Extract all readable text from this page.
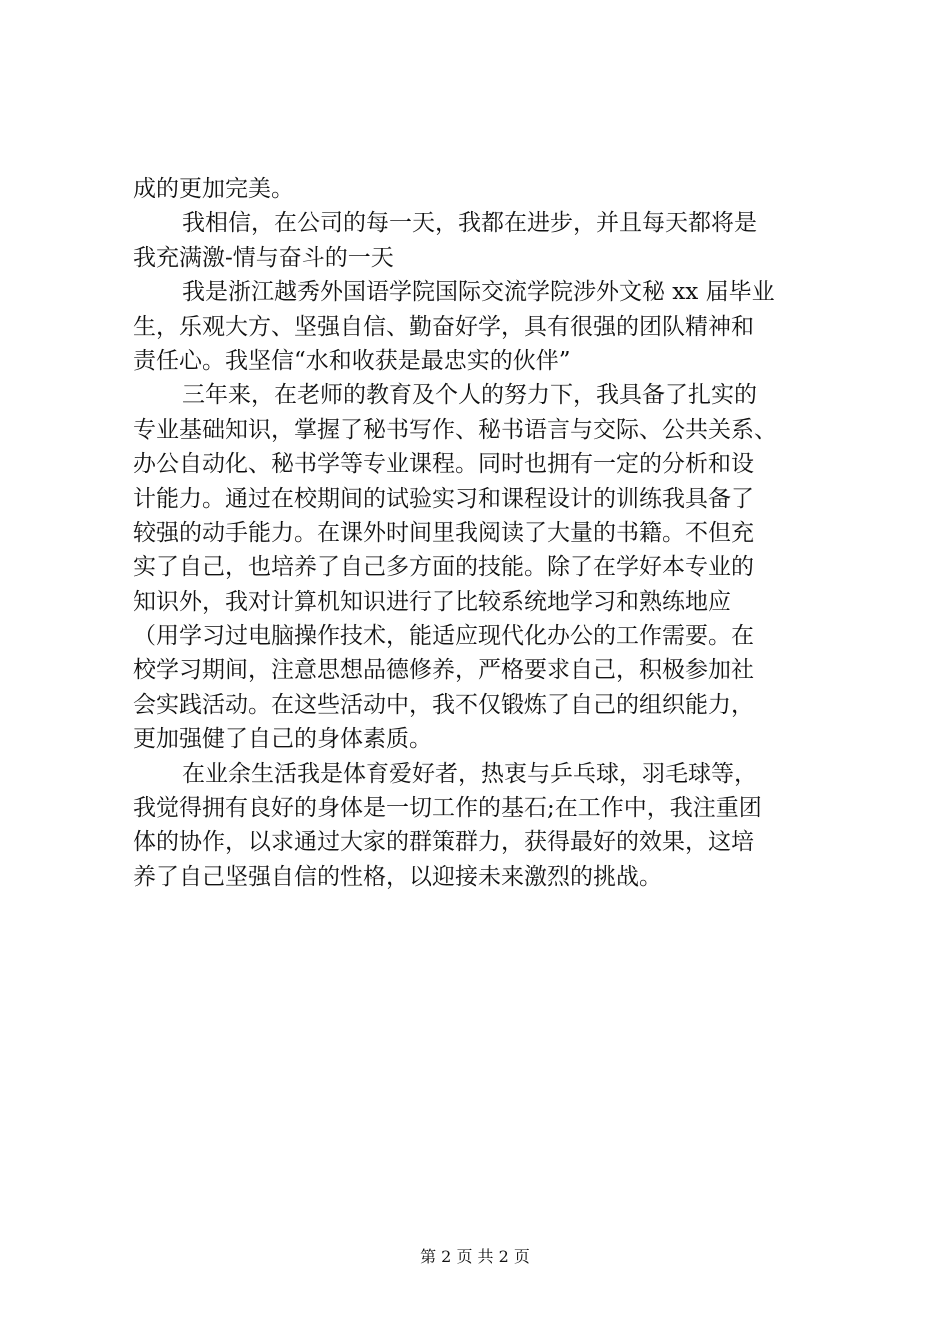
成的更加完美。
我相信，在公司的每一天，我都在进步，并且每天都将是
我充满激-情与奋斗的一天
我是浙江越秀外国语学院国际交流学院涉外文秘 xx 届毕业
生，乐观大方、坚强自信、勤奋好学，具有很强的团队精神和
责任心。我坚信“水和收获是最忠实的伙伴”
三年来，在老师的教育及个人的努力下，我具备了扎实的
专业基础知识，掌握了秘书写作、秘书语言与交际、公共关系、
办公自动化、秘书学等专业课程。同时也拥有一定的分析和设
计能力。通过在校期间的试验实习和课程设计的训练我具备了
较强的动手能力。在课外时间里我阅读了大量的书籍。不但充
实了自己，也培养了自己多方面的技能。除了在学好本专业的
知识外，我对计算机知识进行了比较系统地学习和熟练地应
（用学习过电脑操作技术，能适应现代化办公的工作需要。在
校学习期间，注意思想品德修养，严格要求自己，积极参加社
会实践活动。在这些活动中，我不仅锻炼了自己的组织能力，
更加强健了自己的身体素质。
在业余生活我是体育爱好者，热衷与乒乓球，羽毛球等，
我觉得拥有良好的身体是一切工作的基石;在工作中，我注重团
体的协作，以求通过大家的群策群力，获得最好的效果，这培
养了自己坚强自信的性格，以迎接未来激烈的挑战。
第 2 页 共 2 页
